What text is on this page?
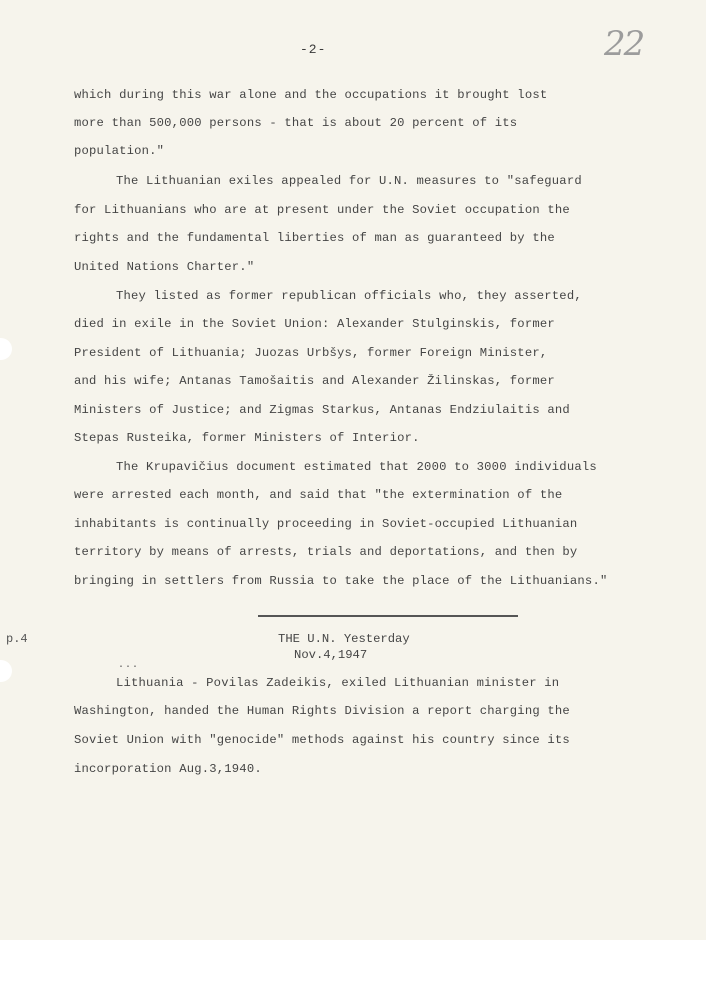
-2-	22
which during this war alone and the occupations it brought lost
more than 500,000 persons - that is about 20 percent of its
population."
The Lithuanian exiles appealed for U.N. measures to "safeguard
for Lithuanians who are at present under the Soviet occupation the
rights and the fundamental liberties of man as guaranteed by the
United Nations Charter."
They listed as former republican officials who, they asserted,
died in exile in the Soviet Union: Alexander Stulginskis, former
President of Lithuania; Juozas Urbšys, former Foreign Minister,
and his wife; Antanas Tamošaitis and Alexander Žilinskas, former
Ministers of Justice; and Zigmas Starkus, Antanas Endziulaitis and
Stepas Rusteika, former Ministers of Interior.
The Krupavičius document estimated that 2000 to 3000 individuals
were arrested each month, and said that "the extermination of the
inhabitants is continually proceeding in Soviet-occupied Lithuanian
territory by means of arrests, trials and deportations, and then by
bringing in settlers from Russia to take the place of the Lithuanians."
p.4	THE U.N. Yesterday
Nov.4,1947
...
Lithuania - Povilas Zadeikis, exiled Lithuanian minister in
Washington, handed the Human Rights Division a report charging the
Soviet Union with "genocide" methods against his country since its
incorporation Aug.3,1940.
